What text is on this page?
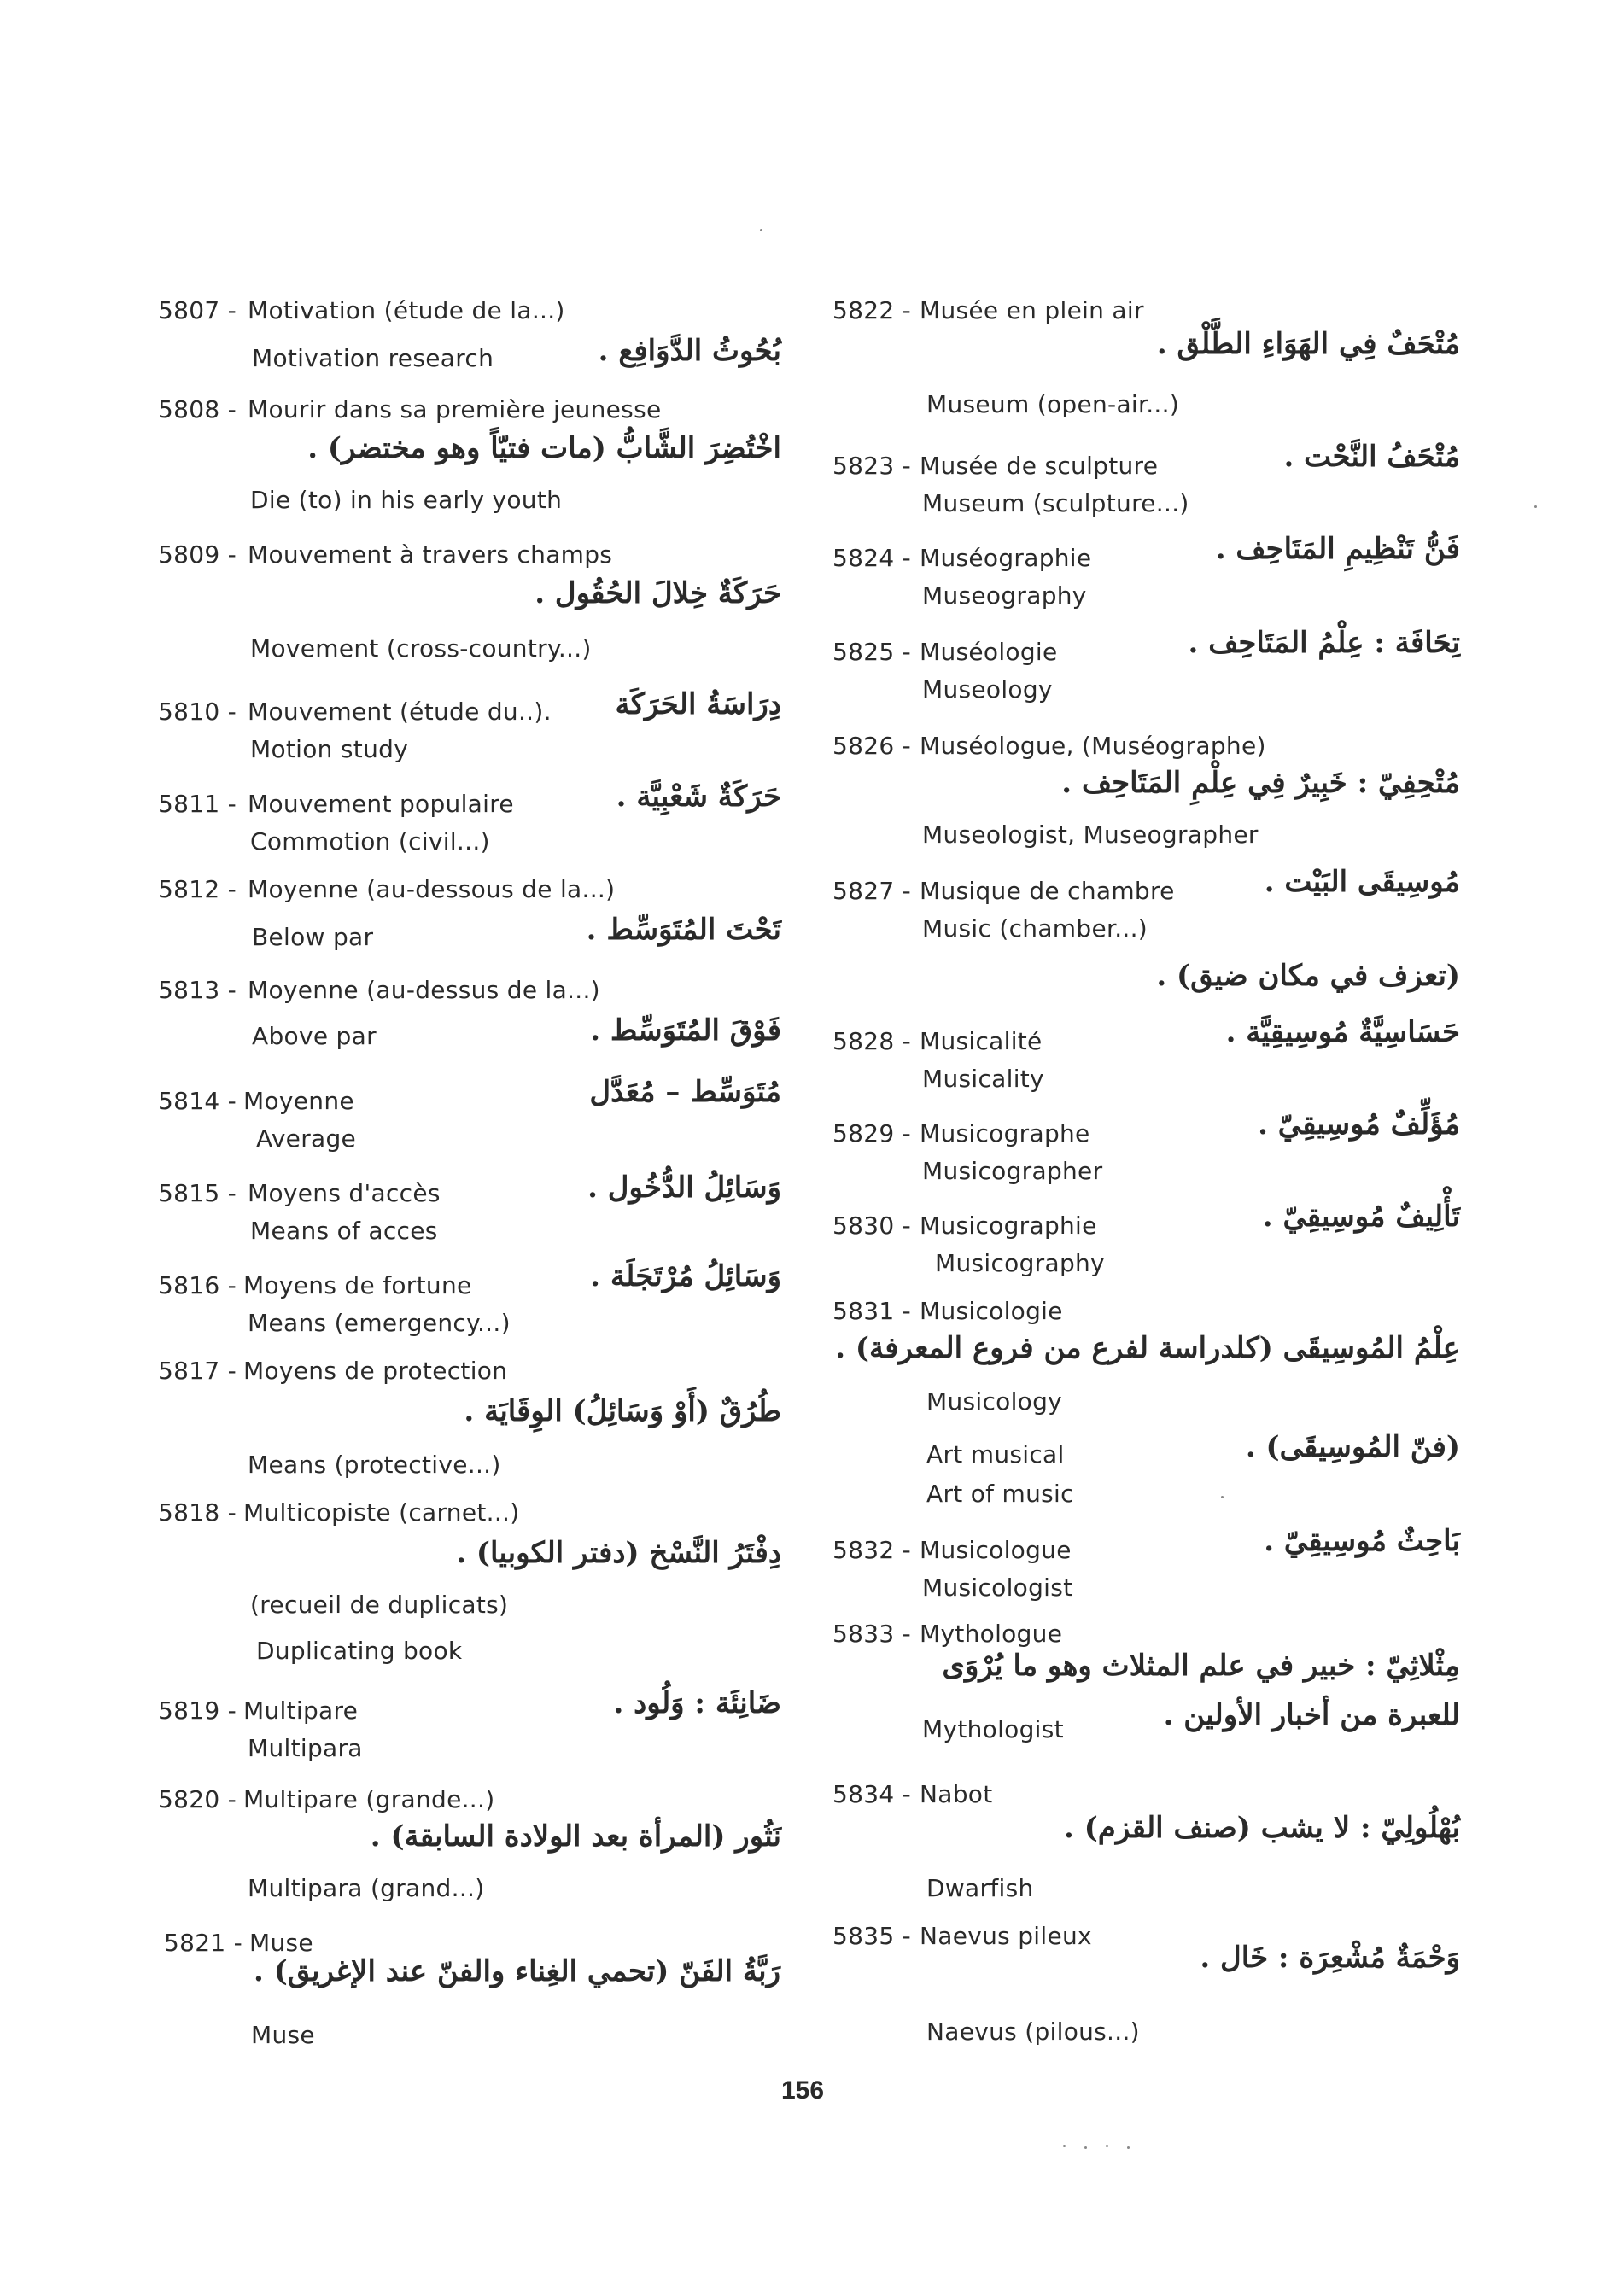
5807 - Motivation (étude de la...)
Motivation research	بُحُوثُ الدَّوَافِع .
5808 - Mourir dans sa première jeunesse
اخْتُضِرَ الشَّابُّ (مات فتيّاً وهو مختضر) .
Die (to) in his early youth
5809 - Mouvement à travers champs
حَرَكَةٌ خِلالَ الحُقُول .
Movement (cross-country...)
5810 - Mouvement (étude du..). دِرَاسَةُ الحَرَكَة
Motion study
5811 - Mouvement populaire	حَرَكَةٌ شَعْبِيَّة .
Commotion (civil...)
5812 - Moyenne (au-dessous de la...)
Below par	تَحْتَ المُتَوَسِّط .
5813 - Moyenne (au-dessus de la...)
Above par	فَوْقَ المُتَوَسِّط .
5814 - Moyenne
Average
مُتَوَسِّط – مُعَدَّل
5815 - Moyens d'accès
Means of acces
وَسَائِلُ الدُّخُول .
5816 - Moyens de fortune
Means (emergency...)
وَسَائِلُ مُرْتَجَلَة .
5817 - Moyens de protection
طُرُقٌ (أَوْ وَسَائِلُ) الوِقَايَة .
Means (protective...)
5818 - Multicopiste (carnet...)
دِفْتَرُ النَّسْخ (دفتر الكوبيا) .
(recueil de duplicats)
Duplicating book
5819 - Multipare
Multipara
ضَانِئَة : وَلُود .
5820 - Multipare (grande...)
نَثُور (المرأة بعد الولادة السابقة) .
Multipara (grand...)
5821 -
رَبَّةُ الفَنّ (تحمي الغِناء والفنّ عند الإغريق) .
Muse
Muse
5822 - Musée en plein air
مُتْحَفٌ فِي الهَوَاءِ الطَّلْق .
Museum (open-air...)
5823 - Musée de sculpture
Museum (sculpture...)
مُتْحَفُ النَّحْت .
5824 - Muséographie
Museography
فَنُّ تَنْظِيمِ المَتَاحِف .
5825 - Muséologie
Museology
تِحَافَة : عِلْمُ المَتَاحِف .
5826 - Muséologue, (Muséographe)
مُتْحِفِيّ : خَبِيرٌ فِي عِلْمِ المَتَاحِف .
Museologist, Museographer
5827 - Musique de chambre
Music (chamber...)
مُوسِيقَى البَيْت .
(تعزف في مكان ضيق) .
5828 - Musicalité
Musicality
حَسَاسِيَّةٌ مُوسِيقِيَّة .
5829 - Musicographe
Musicographer
مُؤَلِّفٌ مُوسِيقِيّ .
5830 - Musicographie
Musicography
تَأْلِيفٌ مُوسِيقِيّ .
5831 - Musicologie
عِلْمُ المُوسِيقَى (كلدراسة لفرع من فروع المعرفة) .
Musicology
Art musical
Art of music
(فنّ المُوسِيقَى) .
5832 - Musicologue
Musicologist
بَاحِثٌ مُوسِيقِيّ .
5833 - Mythologue
مِثْلاثِيّ : خبير في علم المثلاث وهو ما يُرْوَى
للعبرة من أخبار الأولين .
Mythologist
5834 - Nabot
بُهْلُولِيّ : لا يشب (صنف القزم) .
Dwarfish
5835 - Naevus pileux
وَحْمَةٌ مُشْعِرَة : خَال .
Naevus (pilous...)
156
